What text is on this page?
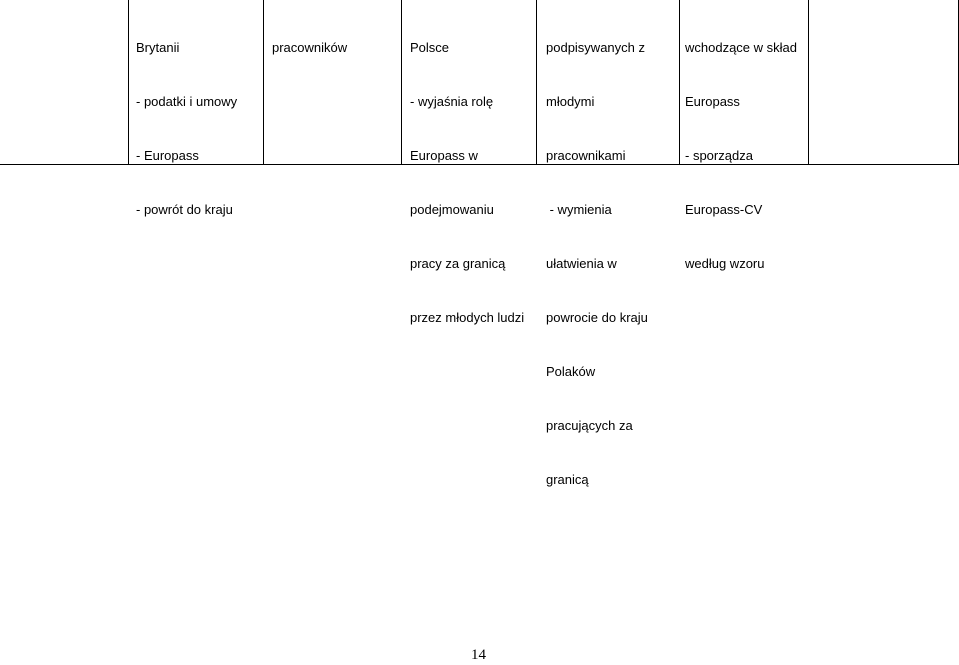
Brytanii

- podatki i umowy

- Europass

- powrót do kraju

pracowników

	Polsce

- wyjaśnia rolę

Europass w

podejmowaniu

pracy za granicą

przez młodych ludzi

podpisywanych z

młodymi

pracownikami

- wymienia

ułatwienia w

powrocie do kraju

Polaków

pracujących za

granicą

wchodzące w skład

Europass

- sporządza

Europass-CV

według wzoru

14
